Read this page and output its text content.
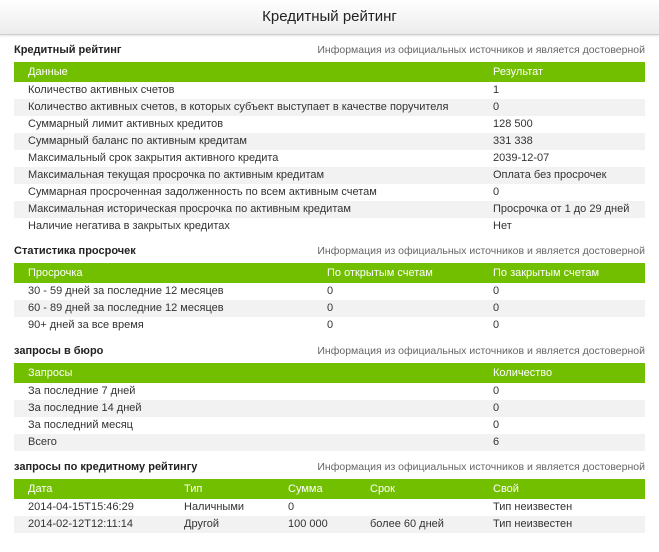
Кредитный рейтинг
Кредитный рейтинг	Информация из официальных источников и является достоверной
Данные	Результат
Количество активных счетов	1
Количество активных счетов, в которых субъект выступает в качестве поручителя	0
Суммарный лимит активных кредитов	128 500
Суммарный баланс по активным кредитам	331 338
Максимальный срок закрытия активного кредита	2039-12-07
Максимальная текущая просрочка по активным кредитам	Оплата без просрочек
Суммарная просроченная задолженность по всем активным счетам	0
Максимальная историческая просрочка по активным кредитам	Просрочка от 1 до 29 дней
Наличие негатива в закрытых кредитах	Нет
Статистика просрочек	Информация из официальных источников и является достоверной
Просрочка	По открытым счетам	По закрытым счетам
30 - 59 дней за последние 12 месяцев	0	0
60 - 89 дней за последние 12 месяцев	0	0
90+ дней за все время	0	0
запросы в бюро	Информация из официальных источников и является достоверной
Запросы	Количество
За последние 7 дней	0
За последние 14 дней	0
За последний месяц	0
Всего	6
запросы по кредитному рейтингу	Информация из официальных источников и является достоверной
Дата	Тип	Сумма	Срок	Свой
2014-04-15T15:46:29	Наличными	0		Тип неизвестен
2014-02-12T12:11:14	Другой	100 000	более 60 дней	Тип неизвестен
